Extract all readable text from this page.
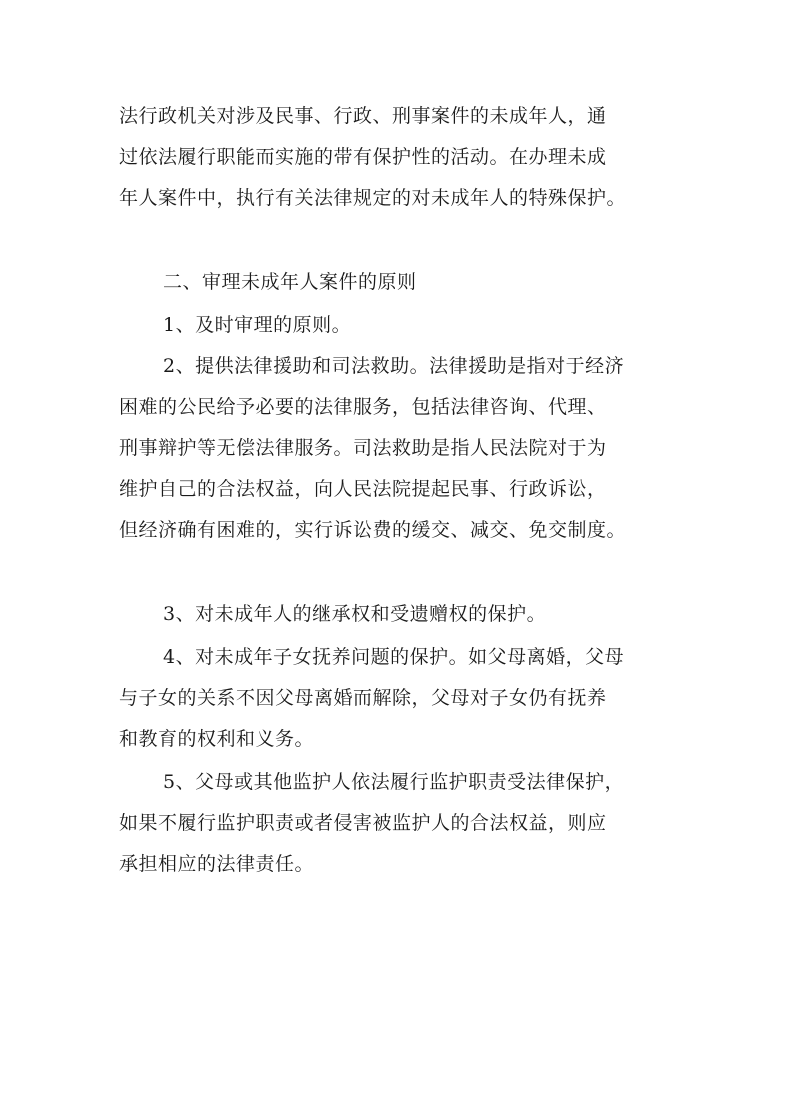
法行政机关对涉及民事、行政、刑事案件的未成年人，通
过依法履行职能而实施的带有保护性的活动。在办理未成
年人案件中，执行有关法律规定的对未成年人的特殊保护。

二、审理未成年人案件的原则

1、及时审理的原则。

2、提供法律援助和司法救助。法律援助是指对于经济
困难的公民给予必要的法律服务，包括法律咨询、代理、
刑事辩护等无偿法律服务。司法救助是指人民法院对于为
维护自己的合法权益，向人民法院提起民事、行政诉讼，
但经济确有困难的，实行诉讼费的缓交、减交、免交制度。

3、对未成年人的继承权和受遗赠权的保护。

4、对未成年子女抚养问题的保护。如父母离婚，父母
与子女的关系不因父母离婚而解除，父母对子女仍有抚养
和教育的权利和义务。

5、父母或其他监护人依法履行监护职责受法律保护，
如果不履行监护职责或者侵害被监护人的合法权益，则应
承担相应的法律责任。
